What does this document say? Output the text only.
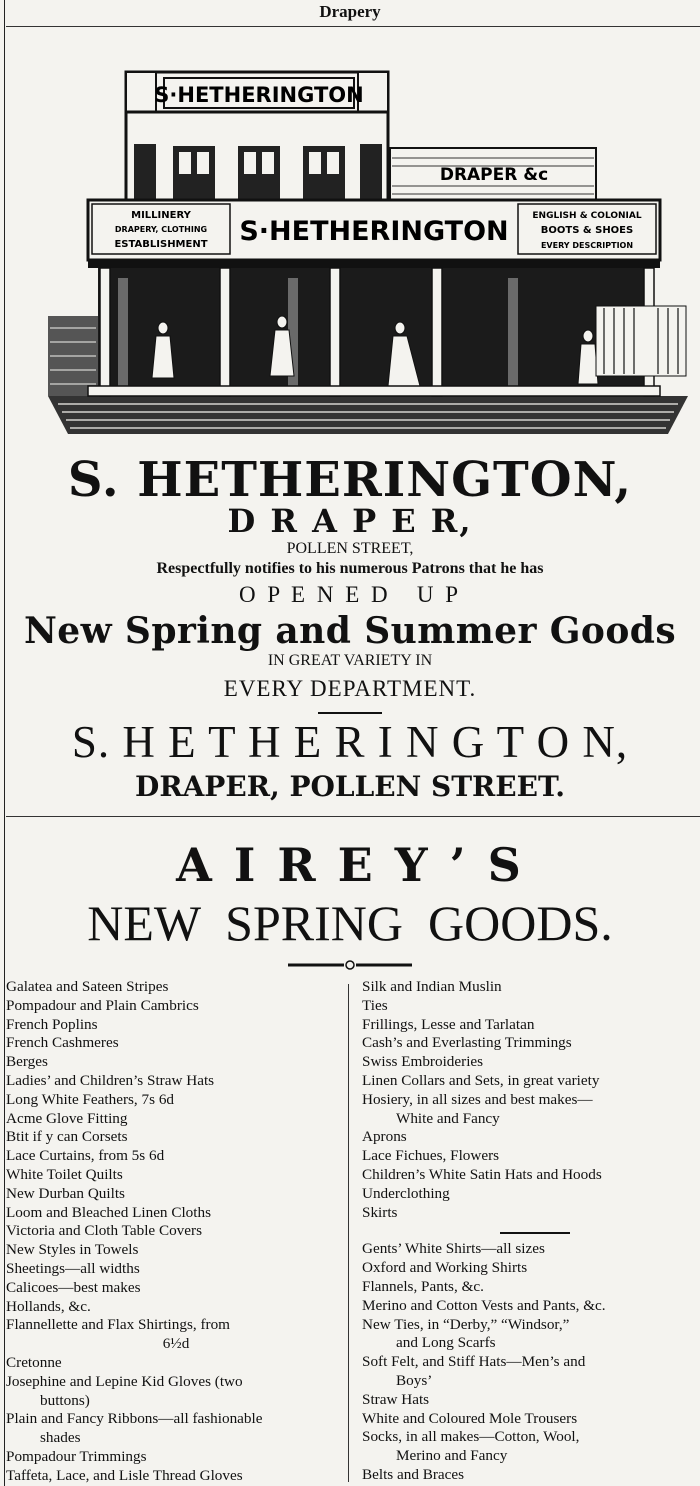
Drapery
S·HETHERINGTON
DRAPER &c
MILLINERY
DRAPERY, CLOTHING
ESTABLISHMENT S·HETHERINGTON	ENGLISH & COLONIAL
BOOTS & SHOES
EVERY DESCRIPTION
S. HETHERINGTON,
D R A P E R,
POLLEN STREET,
Respectfully notifies to his numerous Patrons that he has
O P E N E D   U P
New Spring and Summer Goods
IN GREAT VARIETY IN
EVERY DEPARTMENT.
S. H E T H E R I N G T O N,
DRAPER, POLLEN STREET.
A I R E Y ’ S
NEW  SPRING  GOODS.
Galatea and Sateen Stripes
Pompadour and Plain Cambrics
French Poplins
French Cashmeres
Berges
Ladies’ and Children’s Straw Hats
Long White Feathers, 7s 6d
Acme Glove Fitting
Btit if y can Corsets
Lace Curtains, from 5s 6d
White Toilet Quilts
New Durban Quilts
Loom and Bleached Linen Cloths
Victoria and Cloth Table Covers
New Styles in Towels
Sheetings—all widths
Calicoes—best makes
Hollands, &c.
Flannellette and Flax Shirtings, from
6½d
Cretonne
Josephine and Lepine Kid Gloves (two
buttons)
Plain and Fancy Ribbons—all fashionable
shades
Pompadour Trimmings
Taffeta, Lace, and Lisle Thread Gloves
Silk and Indian Muslin
Ties
Frillings, Lesse and Tarlatan
Cash’s and Everlasting Trimmings
Swiss Embroideries
Linen Collars and Sets, in great variety
Hosiery, in all sizes and best makes—
White and Fancy
Aprons
Lace Fichues, Flowers
Children’s White Satin Hats and Hoods
Underclothing
Skirts
Gents’ White Shirts—all sizes
Oxford and Working Shirts
Flannels, Pants, &c.
Merino and Cotton Vests and Pants, &c.
New Ties, in “Derby,” “Windsor,”
and Long Scarfs
Soft Felt, and Stiff Hats—Men’s and
Boys’
Straw Hats
White and Coloured Mole Trousers
Socks, in all makes—Cotton, Wool,
Merino and Fancy
Belts and Braces
